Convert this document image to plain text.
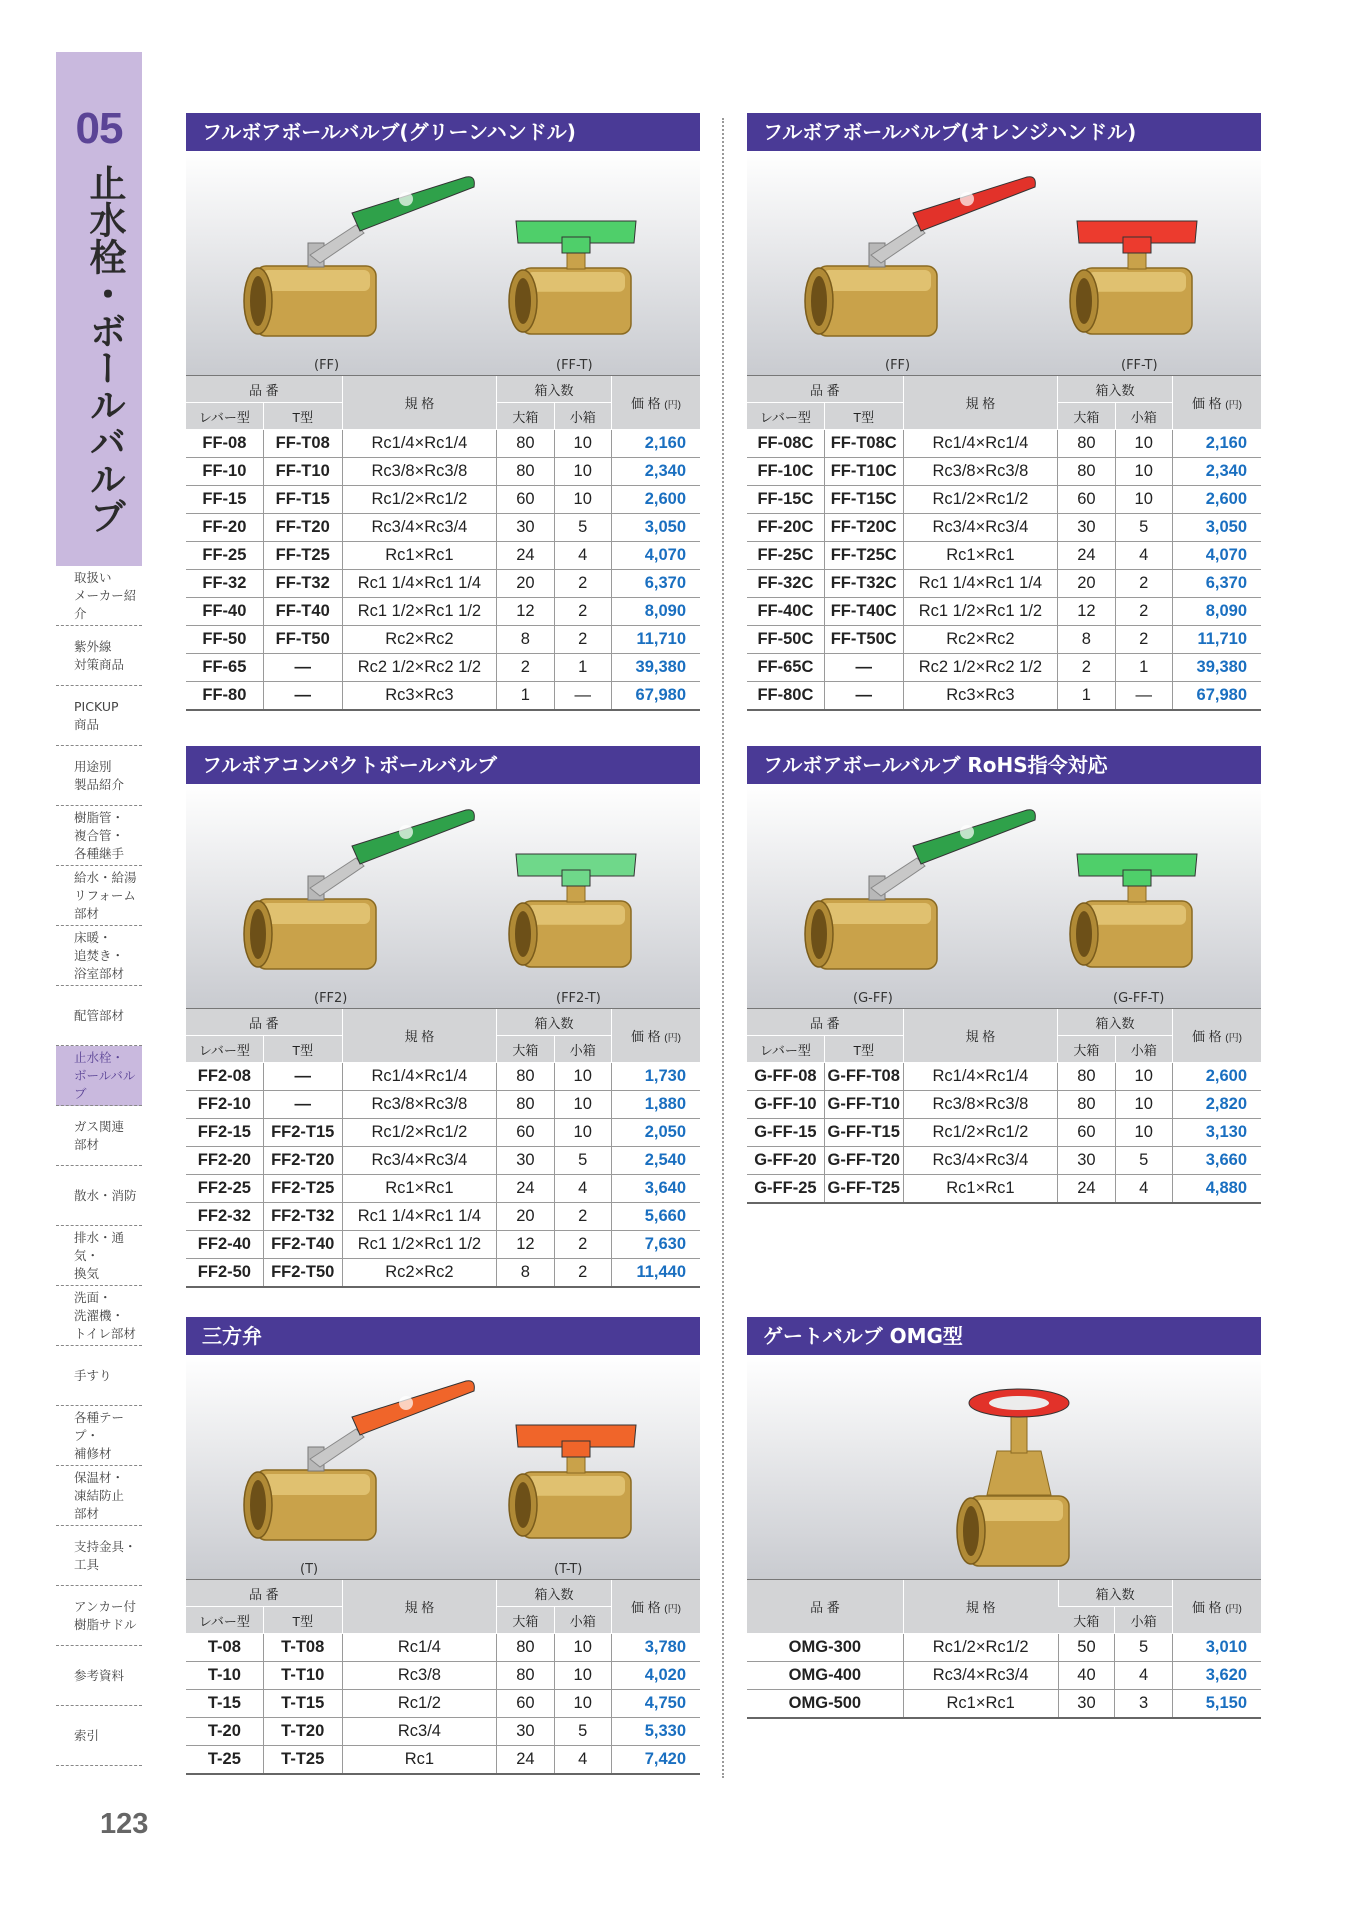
05
止水栓・ボールバルブ
取扱い
メーカー紹介
紫外線
対策商品
PICKUP
商品
用途別
製品紹介
樹脂管・
複合管・
各種継手
給水・給湯
リフォーム
部材
床暖・
追焚き・
浴室部材
配管部材
止水栓・
ボールバルブ
ガス関連
部材
散水・消防
排水・通気・
換気
洗面・
洗濯機・
トイレ部材
手すり
各種テープ・
補修材
保温材・
凍結防止
部材
支持金具・
工具
アンカー付
樹脂サドル
参考資料
索引
123
フルボアボールバルブ(グリーンハンドル)
(FF)	(FF-T)
品 番		規 格	箱入数		価 格 (円)
レバー型	T型		大箱	小箱	
FF-08	FF-T08	Rc1/4×Rc1/4	80	10	2,160
FF-10	FF-T10	Rc3/8×Rc3/8	80	10	2,340
FF-15	FF-T15	Rc1/2×Rc1/2	60	10	2,600
FF-20	FF-T20	Rc3/4×Rc3/4	30	5	3,050
FF-25	FF-T25	Rc1×Rc1	24	4	4,070
FF-32	FF-T32	Rc1 1/4×Rc1 1/4	20	2	6,370
FF-40	FF-T40	Rc1 1/2×Rc1 1/2	12	2	8,090
FF-50	FF-T50	Rc2×Rc2	8	2	11,710
FF-65	—	Rc2 1/2×Rc2 1/2	2	1	39,380
FF-80	—	Rc3×Rc3	1	—	67,980
フルボアボールバルブ(オレンジハンドル)
(FF)	(FF-T)
品 番		規 格	箱入数		価 格 (円)
レバー型	T型		大箱	小箱	
FF-08C	FF-T08C	Rc1/4×Rc1/4	80	10	2,160
FF-10C	FF-T10C	Rc3/8×Rc3/8	80	10	2,340
FF-15C	FF-T15C	Rc1/2×Rc1/2	60	10	2,600
FF-20C	FF-T20C	Rc3/4×Rc3/4	30	5	3,050
FF-25C	FF-T25C	Rc1×Rc1	24	4	4,070
FF-32C	FF-T32C	Rc1 1/4×Rc1 1/4	20	2	6,370
FF-40C	FF-T40C	Rc1 1/2×Rc1 1/2	12	2	8,090
FF-50C	FF-T50C	Rc2×Rc2	8	2	11,710
FF-65C	—	Rc2 1/2×Rc2 1/2	2	1	39,380
FF-80C	—	Rc3×Rc3	1	—	67,980
フルボアコンパクトボールバルブ
(FF2)	(FF2-T)
品 番		規 格	箱入数		価 格 (円)
レバー型	T型		大箱	小箱	
FF2-08	—	Rc1/4×Rc1/4	80	10	1,730
FF2-10	—	Rc3/8×Rc3/8	80	10	1,880
FF2-15	FF2-T15	Rc1/2×Rc1/2	60	10	2,050
FF2-20	FF2-T20	Rc3/4×Rc3/4	30	5	2,540
FF2-25	FF2-T25	Rc1×Rc1	24	4	3,640
FF2-32	FF2-T32	Rc1 1/4×Rc1 1/4	20	2	5,660
FF2-40	FF2-T40	Rc1 1/2×Rc1 1/2	12	2	7,630
FF2-50	FF2-T50	Rc2×Rc2	8	2	11,440
フルボアボールバルブ RoHS指令対応
(G-FF)	(G-FF-T)
品 番		規 格	箱入数		価 格 (円)
レバー型	T型		大箱	小箱	
G-FF-08	G-FF-T08	Rc1/4×Rc1/4	80	10	2,600
G-FF-10	G-FF-T10	Rc3/8×Rc3/8	80	10	2,820
G-FF-15	G-FF-T15	Rc1/2×Rc1/2	60	10	3,130
G-FF-20	G-FF-T20	Rc3/4×Rc3/4	30	5	3,660
G-FF-25	G-FF-T25	Rc1×Rc1	24	4	4,880
三方弁
(T)	(T-T)
品 番		規 格	箱入数		価 格 (円)
レバー型	T型		大箱	小箱	
T-08	T-T08	Rc1/4	80	10	3,780
T-10	T-T10	Rc3/8	80	10	4,020
T-15	T-T15	Rc1/2	60	10	4,750
T-20	T-T20	Rc3/4	30	5	5,330
T-25	T-T25	Rc1	24	4	7,420
ゲートバルブ OMG型
品 番	規 格	箱入数		価 格 (円)
		大箱	小箱	
OMG-300	Rc1/2×Rc1/2	50	5	3,010
OMG-400	Rc3/4×Rc3/4	40	4	3,620
OMG-500	Rc1×Rc1	30	3	5,150
